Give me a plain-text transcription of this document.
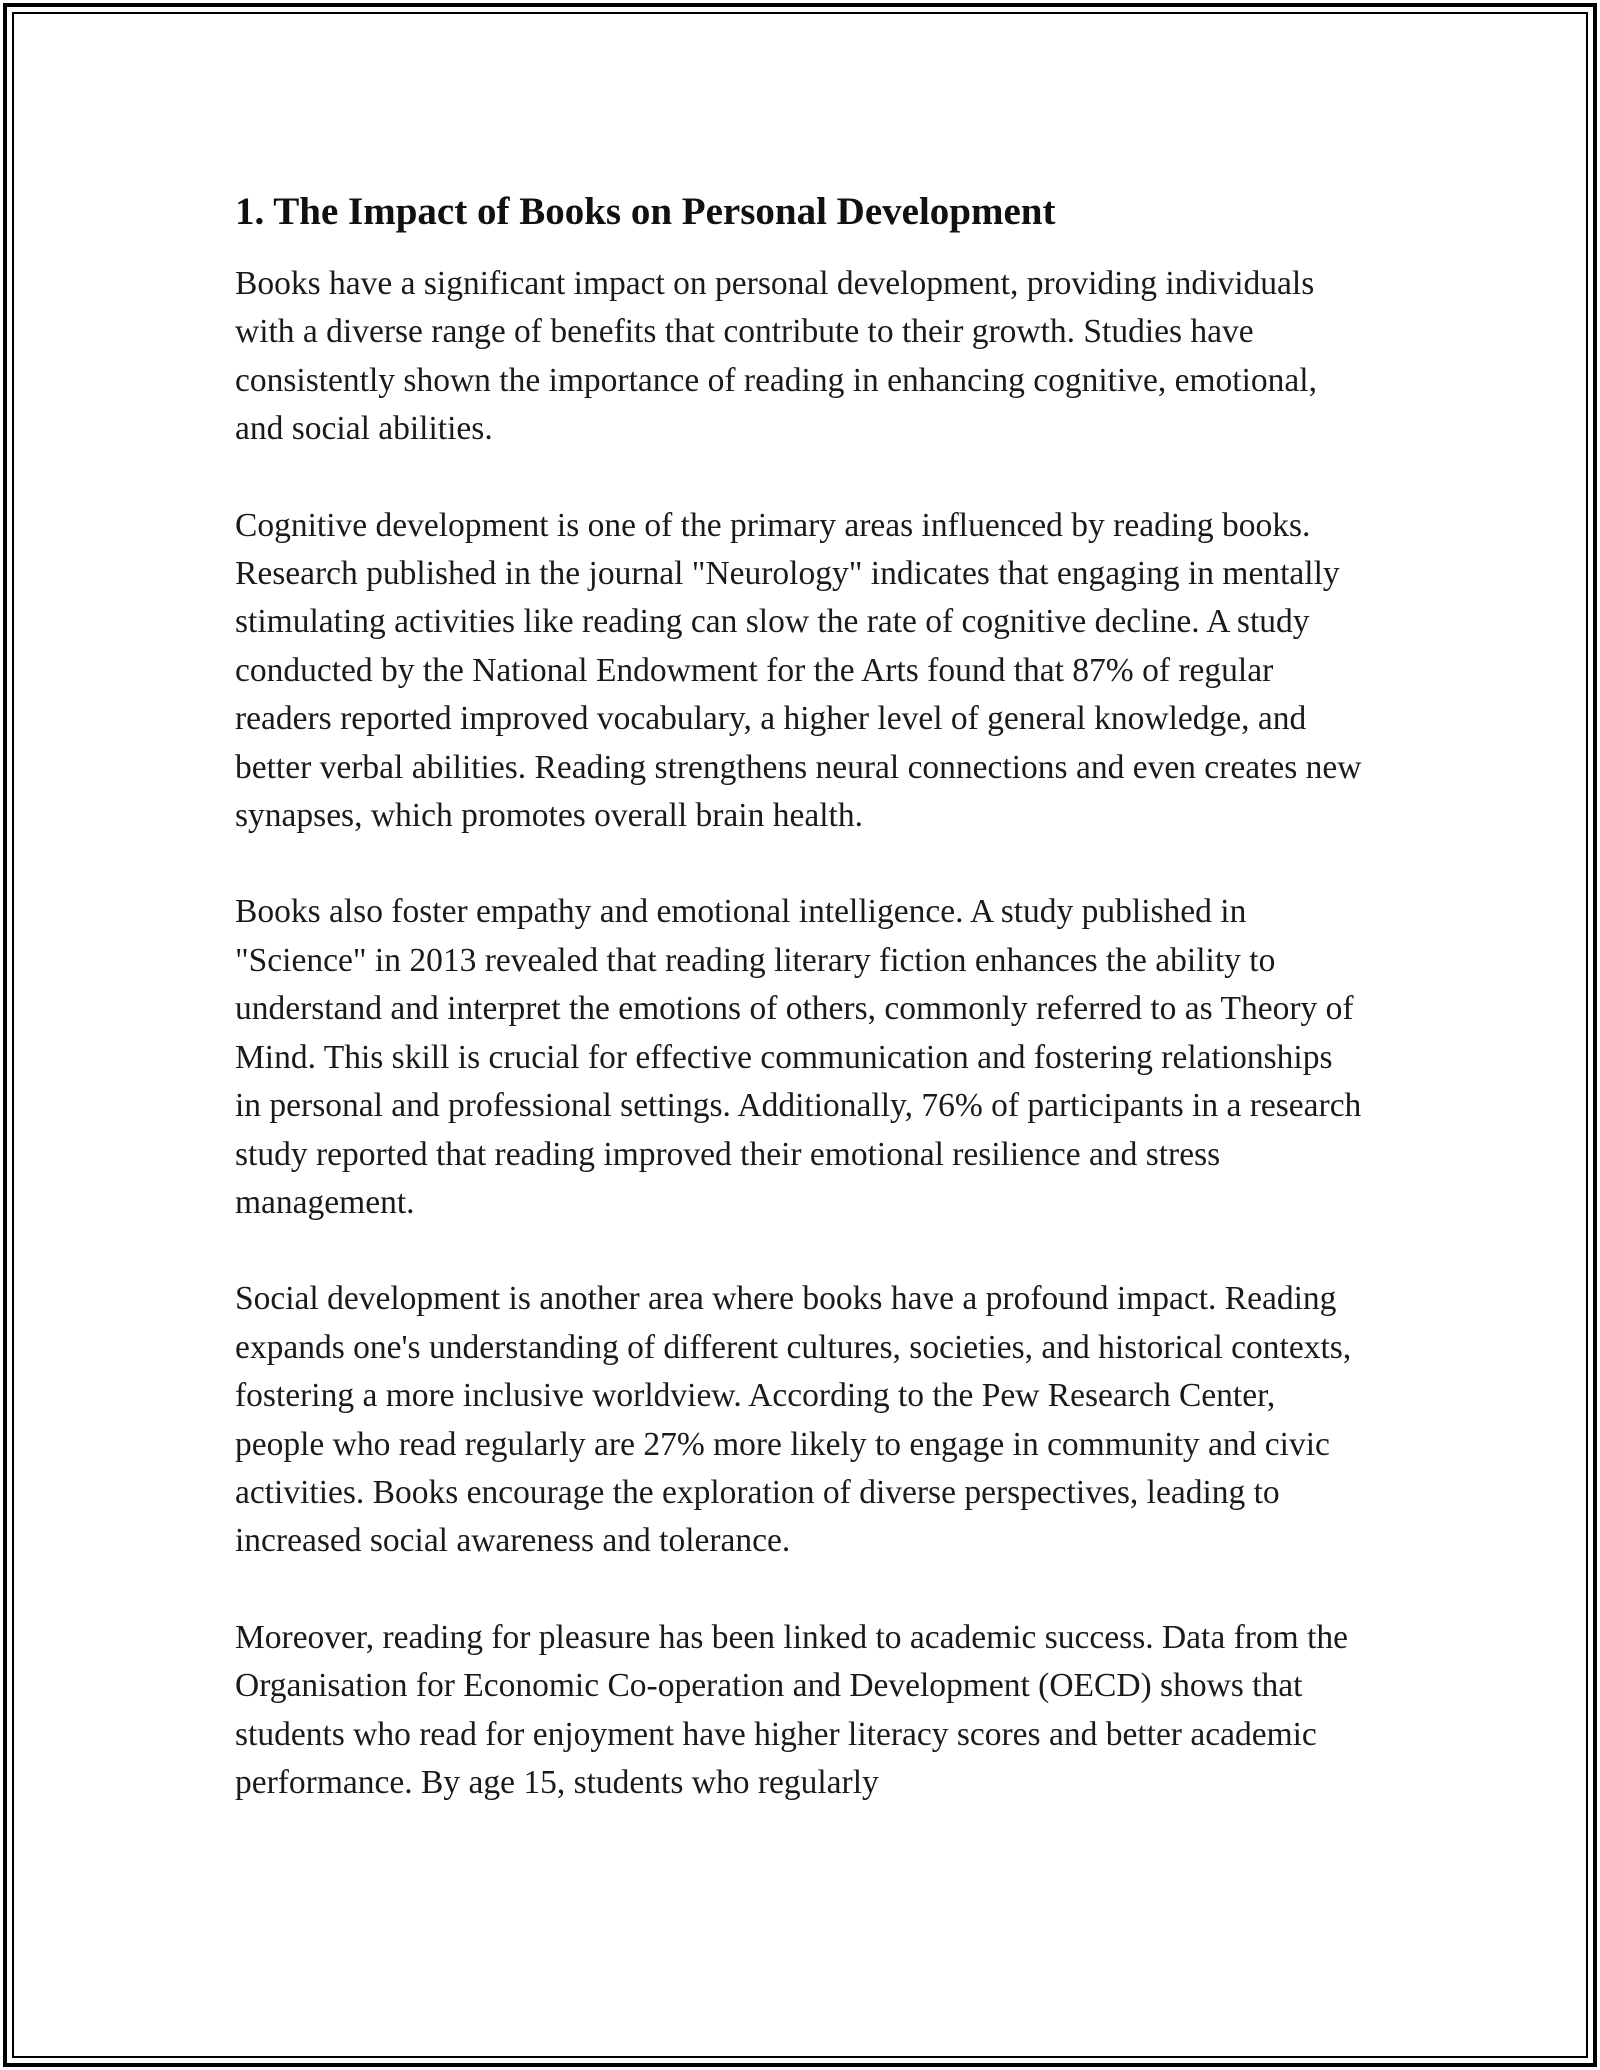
1. The Impact of Books on Personal Development

Books have a significant impact on personal development, providing individuals with a diverse range of benefits that contribute to their growth. Studies have consistently shown the importance of reading in enhancing cognitive, emotional, and social abilities.

Cognitive development is one of the primary areas influenced by reading books. Research published in the journal "Neurology" indicates that engaging in mentally stimulating activities like reading can slow the rate of cognitive decline. A study conducted by the National Endowment for the Arts found that 87% of regular readers reported improved vocabulary, a higher level of general knowledge, and better verbal abilities. Reading strengthens neural connections and even creates new synapses, which promotes overall brain health.

Books also foster empathy and emotional intelligence. A study published in "Science" in 2013 revealed that reading literary fiction enhances the ability to understand and interpret the emotions of others, commonly referred to as Theory of Mind. This skill is crucial for effective communication and fostering relationships in personal and professional settings. Additionally, 76% of participants in a research study reported that reading improved their emotional resilience and stress management.

Social development is another area where books have a profound impact. Reading expands one's understanding of different cultures, societies, and historical contexts, fostering a more inclusive worldview. According to the Pew Research Center, people who read regularly are 27% more likely to engage in community and civic activities. Books encourage the exploration of diverse perspectives, leading to increased social awareness and tolerance.

Moreover, reading for pleasure has been linked to academic success. Data from the Organisation for Economic Co-operation and Development (OECD) shows that students who read for enjoyment have higher literacy scores and better academic performance. By age 15, students who regularly
